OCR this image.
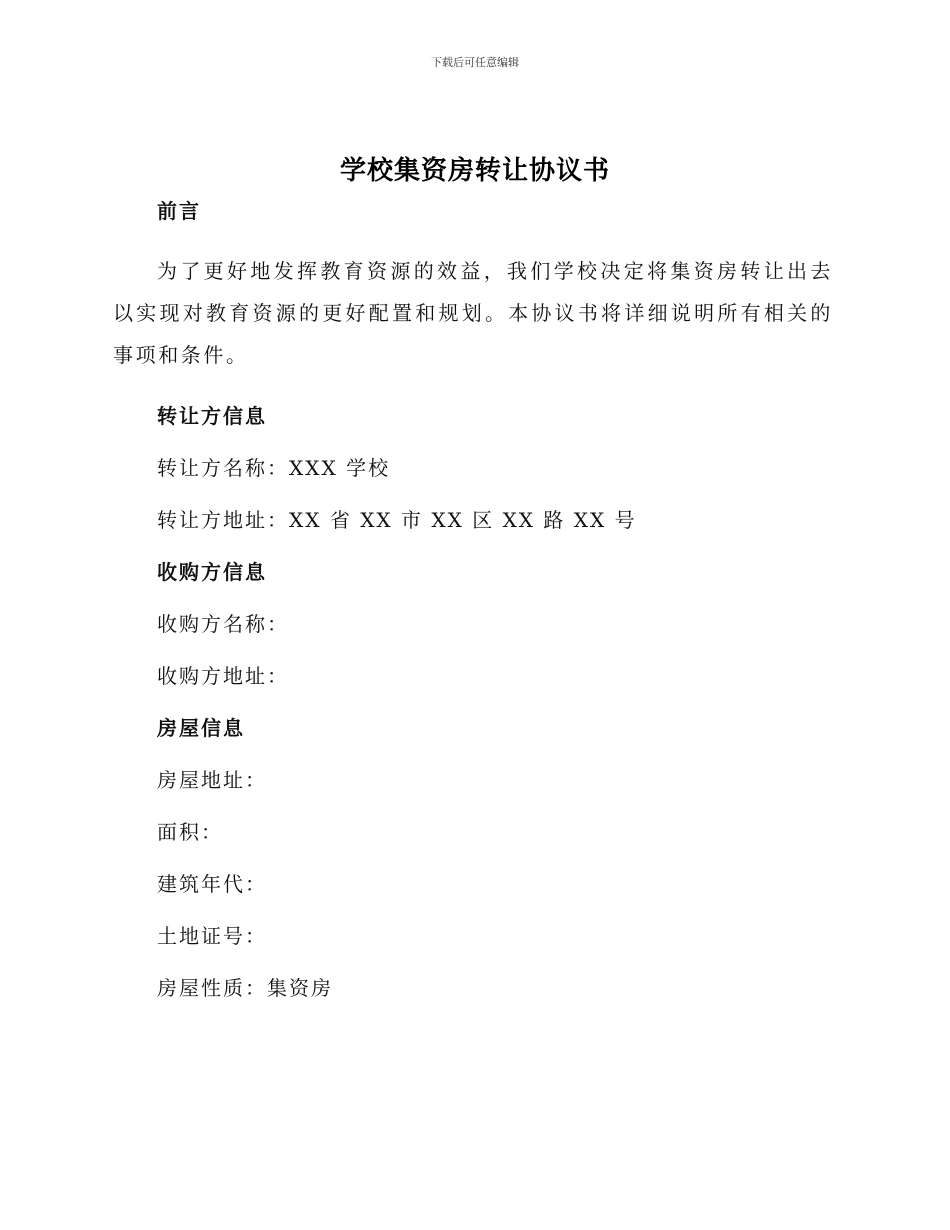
下载后可任意编辑
学校集资房转让协议书

前言

为了更好地发挥教育资源的效益，我们学校决定将集资房转让出去以实现对教育资源的更好配置和规划。本协议书将详细说明所有相关的事项和条件。

转让方信息

转让方名称：XXX 学校

转让方地址：XX 省 XX 市 XX 区 XX 路 XX 号

收购方信息

收购方名称：

收购方地址：

房屋信息

房屋地址：

面积：

建筑年代：

土地证号：

房屋性质：集资房
